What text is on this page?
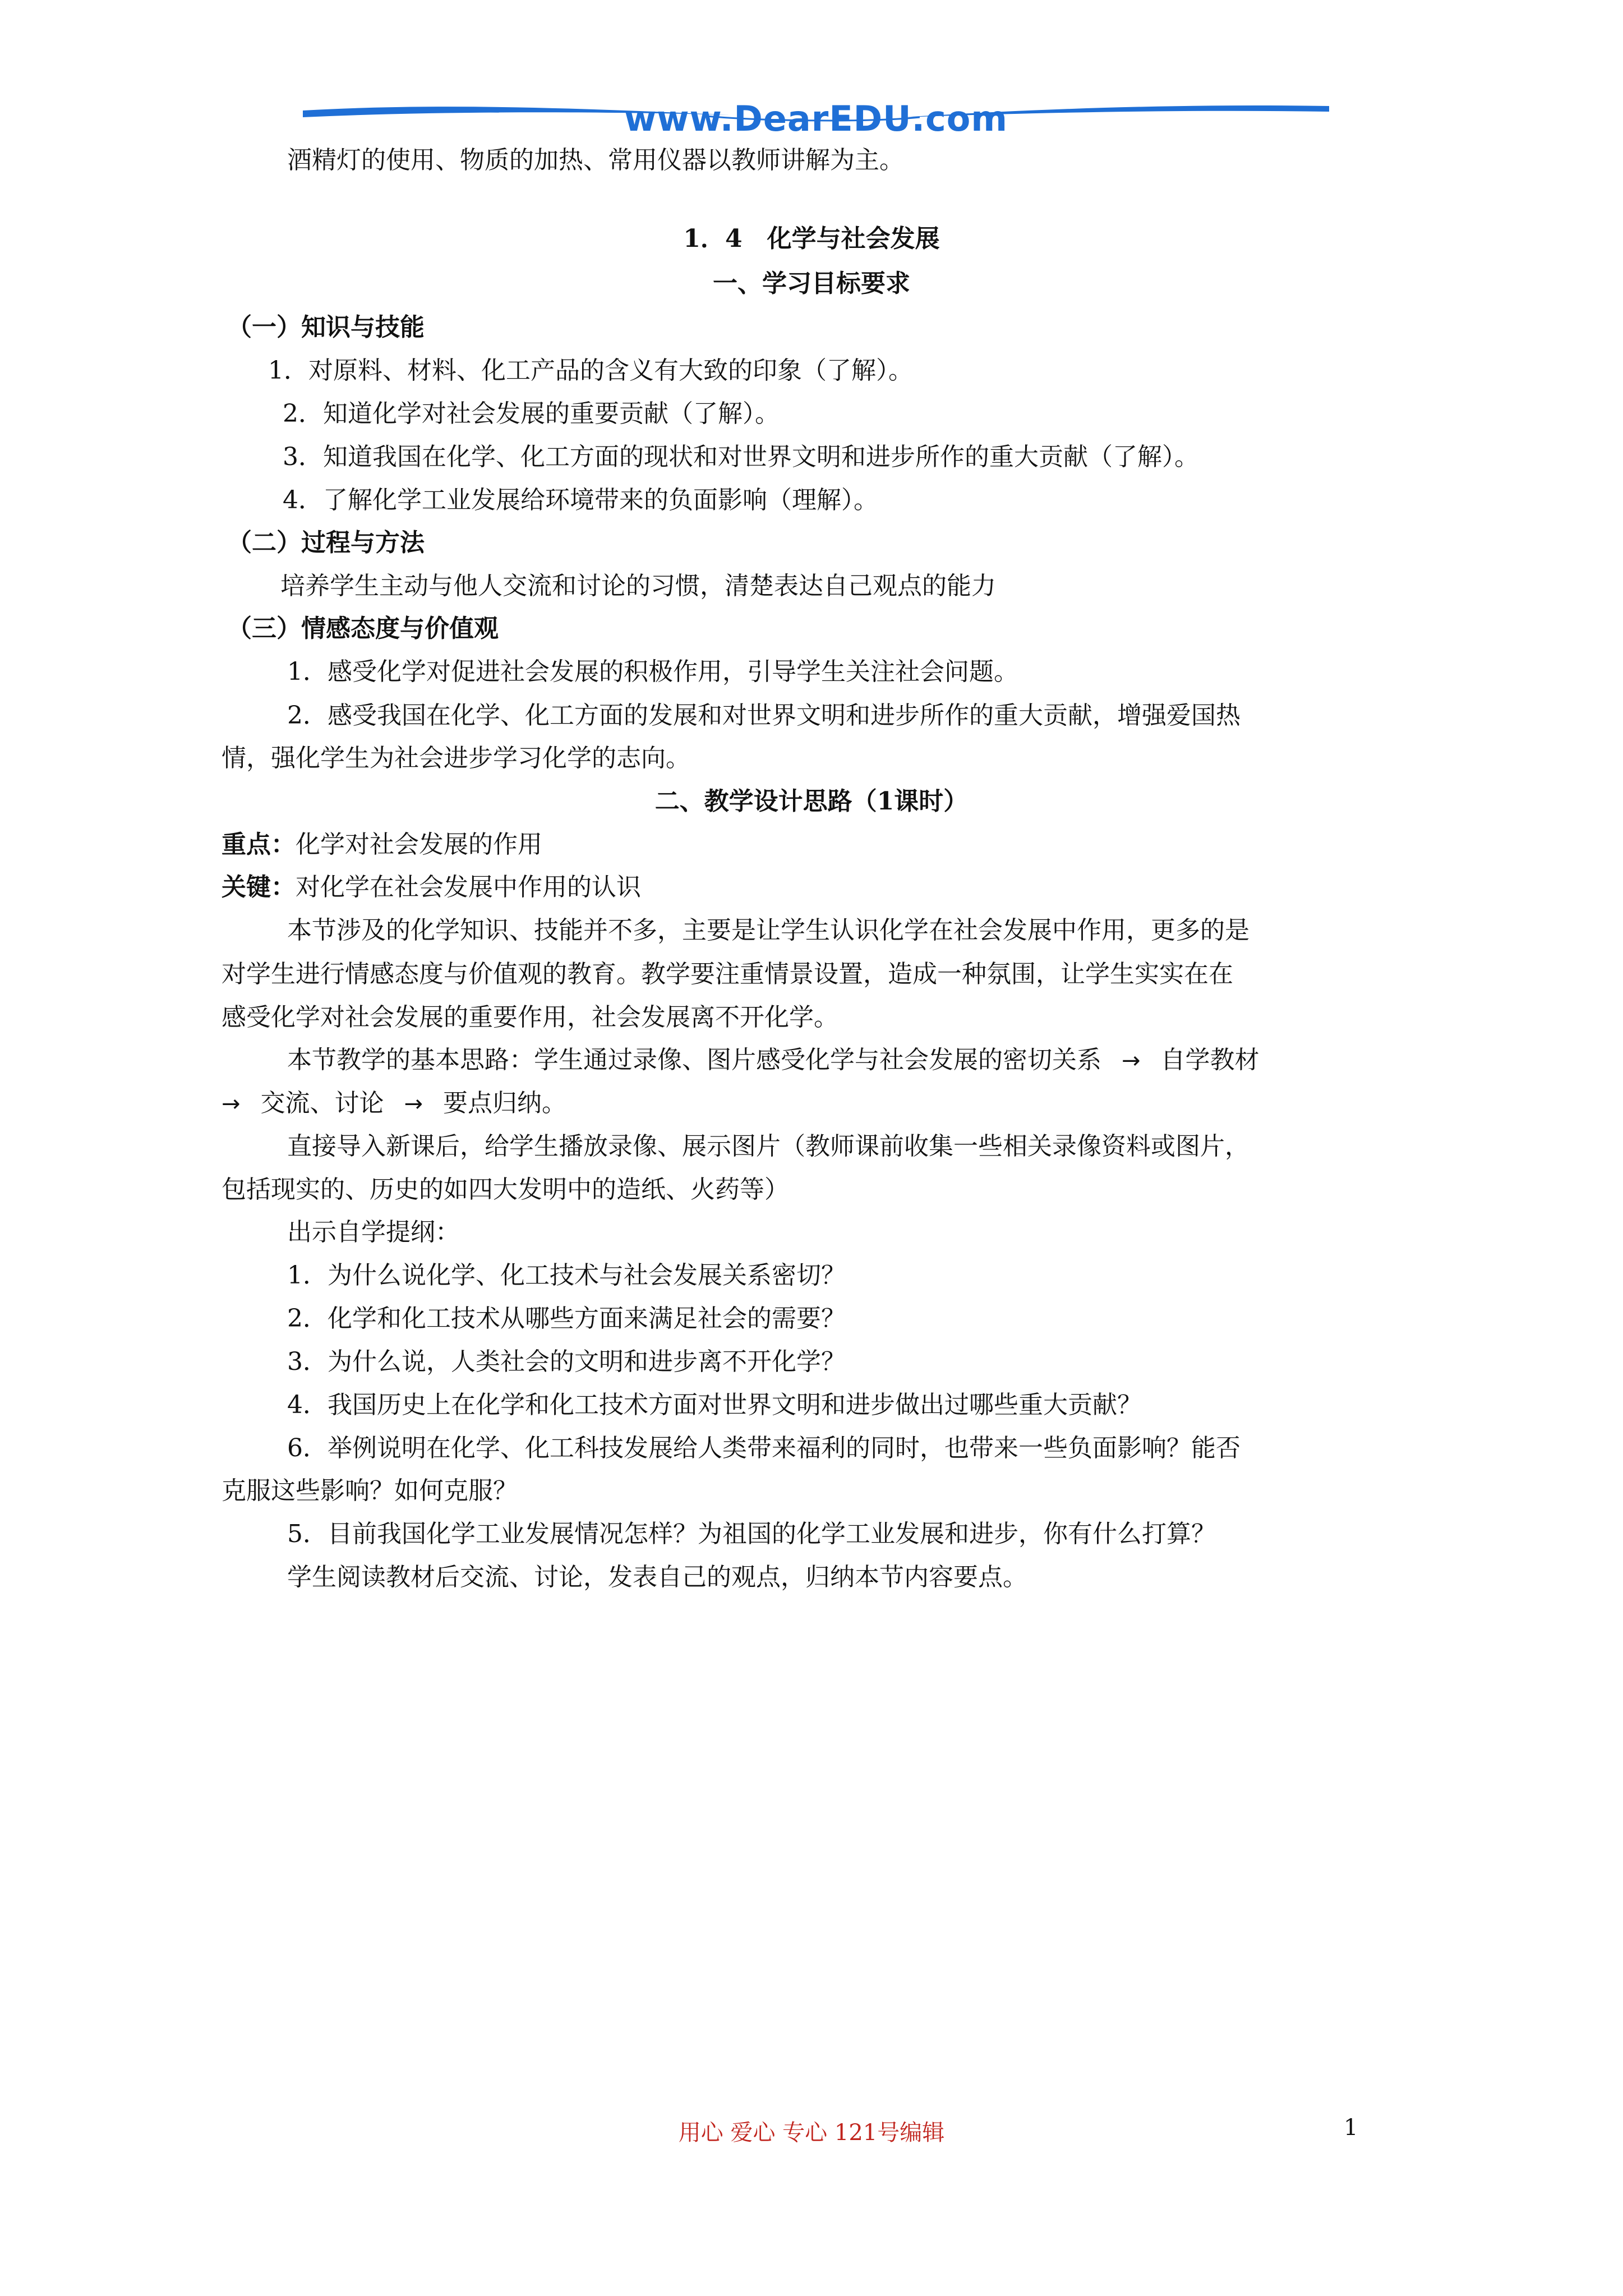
www.DearEDU.com
酒精灯的使用、物质的加热、常用仪器以教师讲解为主。
1．4　化学与社会发展
一、学习目标要求
（一）知识与技能
1．对原料、材料、化工产品的含义有大致的印象（了解）。
2．知道化学对社会发展的重要贡献（了解）。
3．知道我国在化学、化工方面的现状和对世界文明和进步所作的重大贡献（了解）。
4．了解化学工业发展给环境带来的负面影响（理解）。
（二）过程与方法
培养学生主动与他人交流和讨论的习惯，清楚表达自己观点的能力
（三）情感态度与价值观
1．感受化学对促进社会发展的积极作用，引导学生关注社会问题。
2．感受我国在化学、化工方面的发展和对世界文明和进步所作的重大贡献，增强爱国热
情，强化学生为社会进步学习化学的志向。
二、教学设计思路（1课时）
重点：化学对社会发展的作用
关键：对化学在社会发展中作用的认识
本节涉及的化学知识、技能并不多，主要是让学生认识化学在社会发展中作用，更多的是
对学生进行情感态度与价值观的教育。教学要注重情景设置，造成一种氛围，让学生实实在在
感受化学对社会发展的重要作用，社会发展离不开化学。
本节教学的基本思路：学生通过录像、图片感受化学与社会发展的密切关系 → 自学教材
→ 交流、讨论 → 要点归纳。
直接导入新课后，给学生播放录像、展示图片（教师课前收集一些相关录像资料或图片，
包括现实的、历史的如四大发明中的造纸、火药等）
出示自学提纲：
1．为什么说化学、化工技术与社会发展关系密切？
2．化学和化工技术从哪些方面来满足社会的需要？
3．为什么说，人类社会的文明和进步离不开化学？
4．我国历史上在化学和化工技术方面对世界文明和进步做出过哪些重大贡献？
6．举例说明在化学、化工科技发展给人类带来福利的同时，也带来一些负面影响？能否
克服这些影响？如何克服？
5．目前我国化学工业发展情况怎样？为祖国的化学工业发展和进步，你有什么打算？
学生阅读教材后交流、讨论，发表自己的观点，归纳本节内容要点。
用心 爱心 专心 121号编辑	1
